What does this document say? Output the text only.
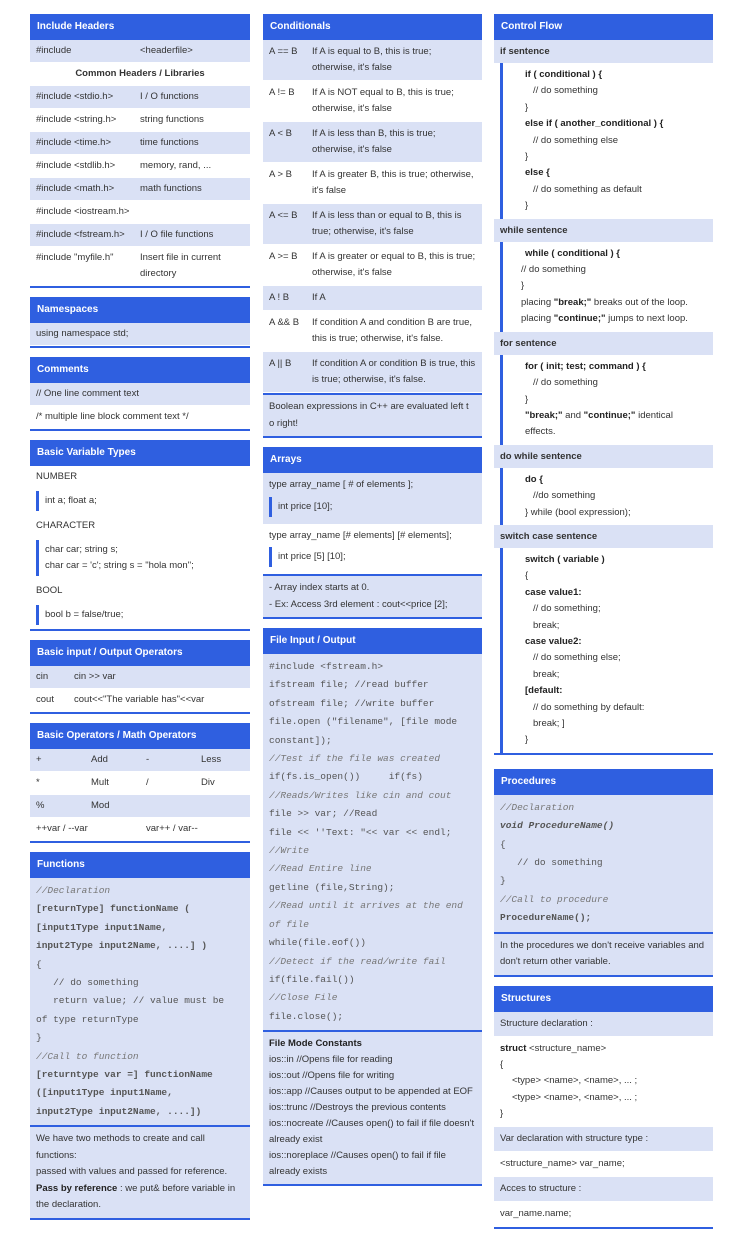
Include Headers
#include	<headerfile>
Common Headers / Libraries
#include <stdio.h>	I / O functions
#include <string.h>	string functions
#include <time.h>	time functions
#include <stdlib.h>	memory, rand, ...
#include <math.h>	math functions
#include <iostream.h>
#include <fstream.h>	I / O file functions
#include "myfile.h"	Insert file in current directory
Namespaces
using namespace std;
Comments
// One line comment text
/* multiple line block comment text */
Basic Variable Types
NUMBER
int a; float a;
CHARACTER
char car; string s;
char car = 'c'; string s = "hola mon";
BOOL
bool b = false/true;
Basic input / Output Operators
cin	cin >> var
cout	cout<<"The variable has"<<var
Basic Operators / Math Operators
+	Add	-	Less
*	Mult	/	Div
%	Mod
++var / --var	var++ / var--
Functions
//Declaration
[returnType] functionName (
[input1Type input1Name,
input2Type input2Name, ....] )
{
// do something
return value; // value must be
of type returnType
}
//Call to function
[returntype var =] functionName
([input1Type input1Name,
input2Type input2Name, ....])
We have two methods to create and call functions:
passed with values and passed for reference.
Pass by reference : we put& before variable in the declaration.
Conditionals
A == B	If A is equal to B, this is true; otherwise, it's false
A != B	If A is NOT equal to B, this is true; otherwise, it's false
A < B	If A is less than B, this is true; otherwise, it's false
A > B	If A is greater B, this is true; otherwise, it's false
A <= B	If A is less than or equal to B, this is true; otherwise, it's false
A >= B	If A is greater or equal to B, this is true; otherwise, it's false
A ! B	If A
A && B	If condition A and condition B are true, this is true; otherwise, it's false.
A || B	If condition A or condition B is true, this is true; otherwise, it's false.
Boolean expressions in C++ are evaluated left t o right!
Arrays
type array_name [ # of elements ];
int price [10];
type array_name [# elements] [# elements];
int price [5] [10];
- Array index starts at 0.
- Ex: Access 3rd element : cout<<price [2];
File Input / Output
#include <fstream.h>
ifstream file; //read buffer
ofstream file; //write buffer
file.open ("filename", [file mode
constant]);
//Test if the file was created
if(fs.is_open())     if(fs)
//Reads/Writes like cin and cout
file >> var; //Read
file << ''Text: "<< var << endl;
//Write
//Read Entire line
getline (file,String);
//Read until it arrives at the end
of file
while(file.eof())
//Detect if the read/write fail
if(file.fail())
//Close File
file.close();
File Mode Constants
ios::in //Opens file for reading
ios::out //Opens file for writing
ios::app //Causes output to be appended at EOF
ios::trunc //Destroys the previous contents
ios::nocreate //Causes open() to fail if file doesn't already exist
ios::noreplace //Causes open() to fail if file already exists
Control Flow
if sentence
if ( conditional ) {
// do something
}
else if ( another_conditional ) {
// do something else
}
else {
// do something as default
}
while sentence
while ( conditional ) {
// do something
}
placing "break;" breaks out of the loop.
placing "continue;" jumps to next loop.
for sentence
for ( init; test; command ) {
// do something
}
"break;" and "continue;" identical effects.
do while sentence
do {
//do something
} while (bool expression);
switch case sentence
switch ( variable )
{
case value1:
// do something;
break;
case value2:
// do something else;
break;
[default:
// do something by default:
break; ]
}
Procedures
//Declaration
void ProcedureName()
{
// do something
}
//Call to procedure
ProcedureName();
In the procedures we don't receive variables and don't return other variable.
Structures
Structure declaration :
struct <structure_name>
{
<type> <name>, <name>, ... ;
<type> <name>, <name>, ... ;
}
Var declaration with structure type :
<structure_name> var_name;
Acces to structure :
var_name.name;
